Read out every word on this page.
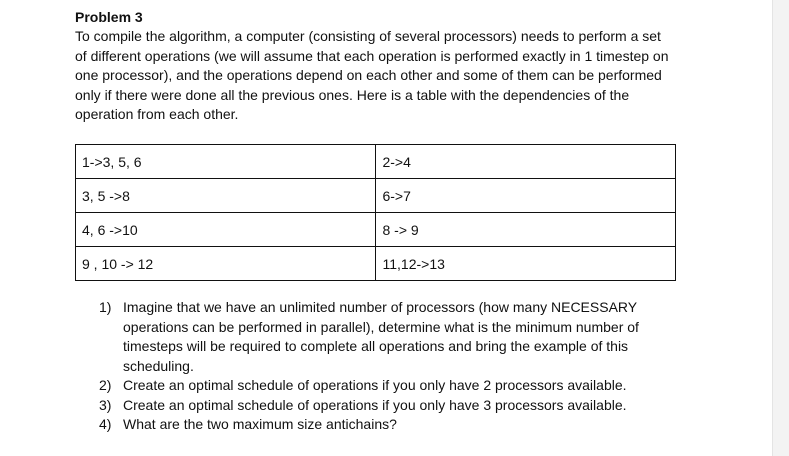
Problem 3

To compile the algorithm, a computer (consisting of several processors) needs to perform a set of different operations (we will assume that each operation is performed exactly in 1 timestep on one processor), and the operations depend on each other and some of them can be performed only if there were done all the previous ones. Here is a table with the dependencies of the operation from each other.

1->3, 5, 6	2->4
3, 5 ->8	6->7
4, 6 ->10	8 -> 9
9 , 10 -> 12	11,12->13
1) Imagine that we have an unlimited number of processors (how many NECESSARY operations can be performed in parallel), determine what is the minimum number of timesteps will be required to complete all operations and bring the example of this scheduling.
2) Create an optimal schedule of operations if you only have 2 processors available.
3) Create an optimal schedule of operations if you only have 3 processors available.
4) What are the two maximum size antichains?
